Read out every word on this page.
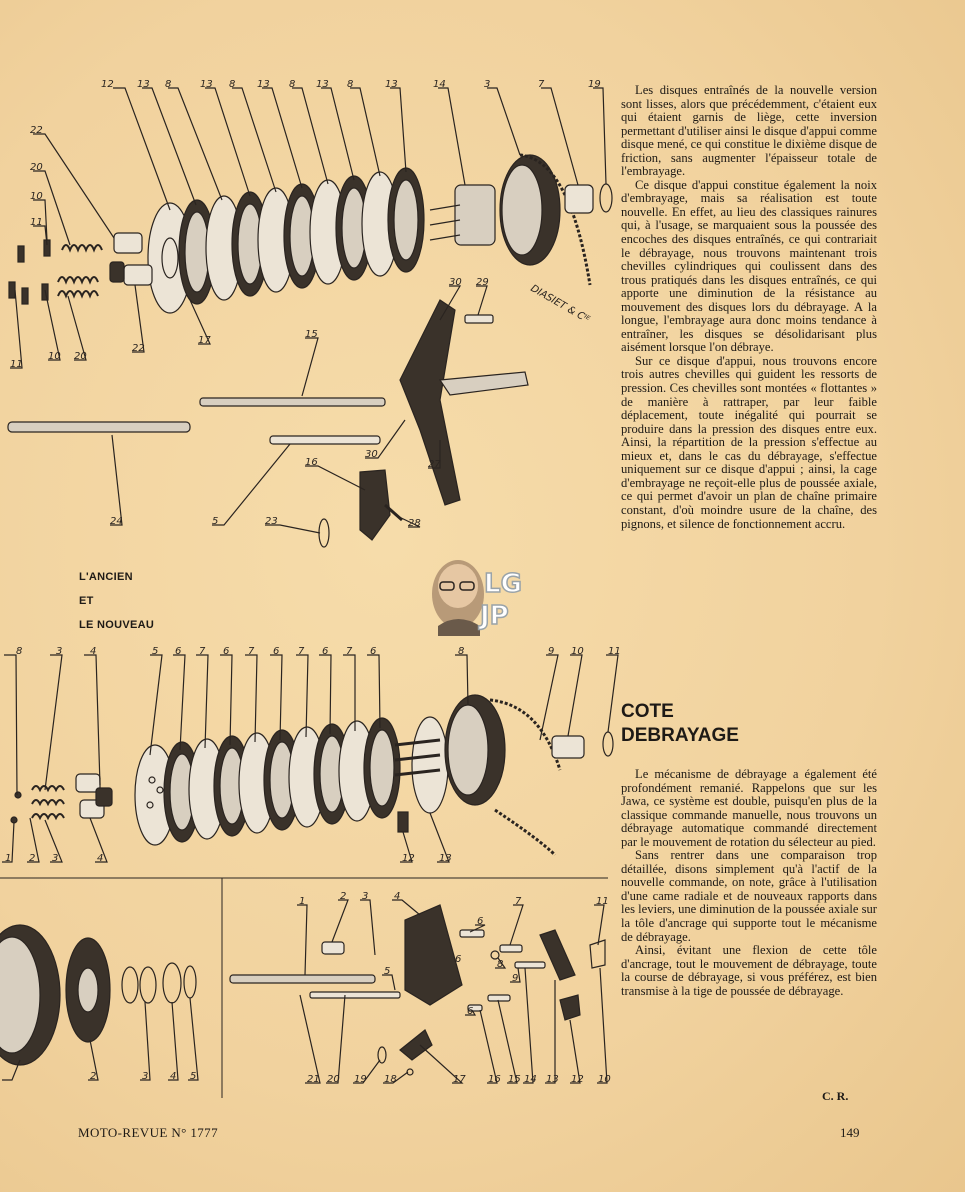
DIASIET & Cᴵᴱ
12 13 8	13 8 13 8 13 8	13	14	3	7	19
22
20
10
11
11
10 20
22
17
30 29
15
30
27
16
28
24	5	23
8	3	4	5 6 7 6 7 6 7 6 7 6	8	9 10 11
1 2 3	4	12 13
1	2 3	4
6
7	11
5
6
8
9
6
2	3 4 5	21 20 19 18	17 16 15 14 13 12 10
L'ANCIEN
ET
LE NOUVEAU
LG
JP

Les disques entraînés de la nouvelle version sont lisses, alors que précédemment, c'étaient eux qui étaient garnis de liège, cette inversion permettant d'utiliser ainsi le disque d'appui comme disque mené, ce qui constitue le dixième disque de friction, sans augmenter l'épaisseur totale de l'embrayage.

Ce disque d'appui constitue également la noix d'embrayage, mais sa réalisation est toute nouvelle. En effet, au lieu des classiques rainures qui, à l'usage, se marquaient sous la poussée des encoches des disques entraînés, ce qui contrariait le débrayage, nous trouvons maintenant trois chevilles cylindriques qui coulissent dans des trous pratiqués dans les disques entraînés, ce qui apporte une diminution de la résistance au mouvement des disques lors du débrayage. A la longue, l'embrayage aura donc moins tendance à entraîner, les disques se désolidarisant plus aisément lorsque l'on débraye.

Sur ce disque d'appui, nous trouvons encore trois autres chevilles qui guident les ressorts de pression. Ces chevilles sont montées « flottantes » de manière à rattraper, par leur faible déplacement, toute inégalité qui pourrait se produire dans la pression des disques entre eux. Ainsi, la répartition de la pression s'effectue au mieux et, dans le cas du débrayage, s'effectue uniquement sur ce disque d'appui ; ainsi, la cage d'embrayage ne reçoit-elle plus de poussée axiale, ce qui permet d'avoir un plan de chaîne primaire constant, d'où moindre usure de la chaîne, des pignons, et silence de fonctionnement accru.

COTE
DEBRAYAGE

Le mécanisme de débrayage a également été profondément remanié. Rappelons que sur les Jawa, ce système est double, puisqu'en plus de la classique commande manuelle, nous trouvons un débrayage automatique commandé directement par le mouvement de rotation du sélecteur au pied.

Sans rentrer dans une comparaison trop détaillée, disons simplement qu'à l'actif de la nouvelle commande, on note, grâce à l'utilisation d'une came radiale et de nouveaux rapports dans les leviers, une diminution de la poussée axiale sur la tôle d'ancrage qui supporte tout le mécanisme de débrayage.

Ainsi, évitant une flexion de cette tôle d'ancrage, tout le mouvement de débrayage, toute la course de débrayage, si vous préférez, est bien transmise à la tige de poussée de débrayage.

C. R.
MOTO-REVUE N° 1777	149
